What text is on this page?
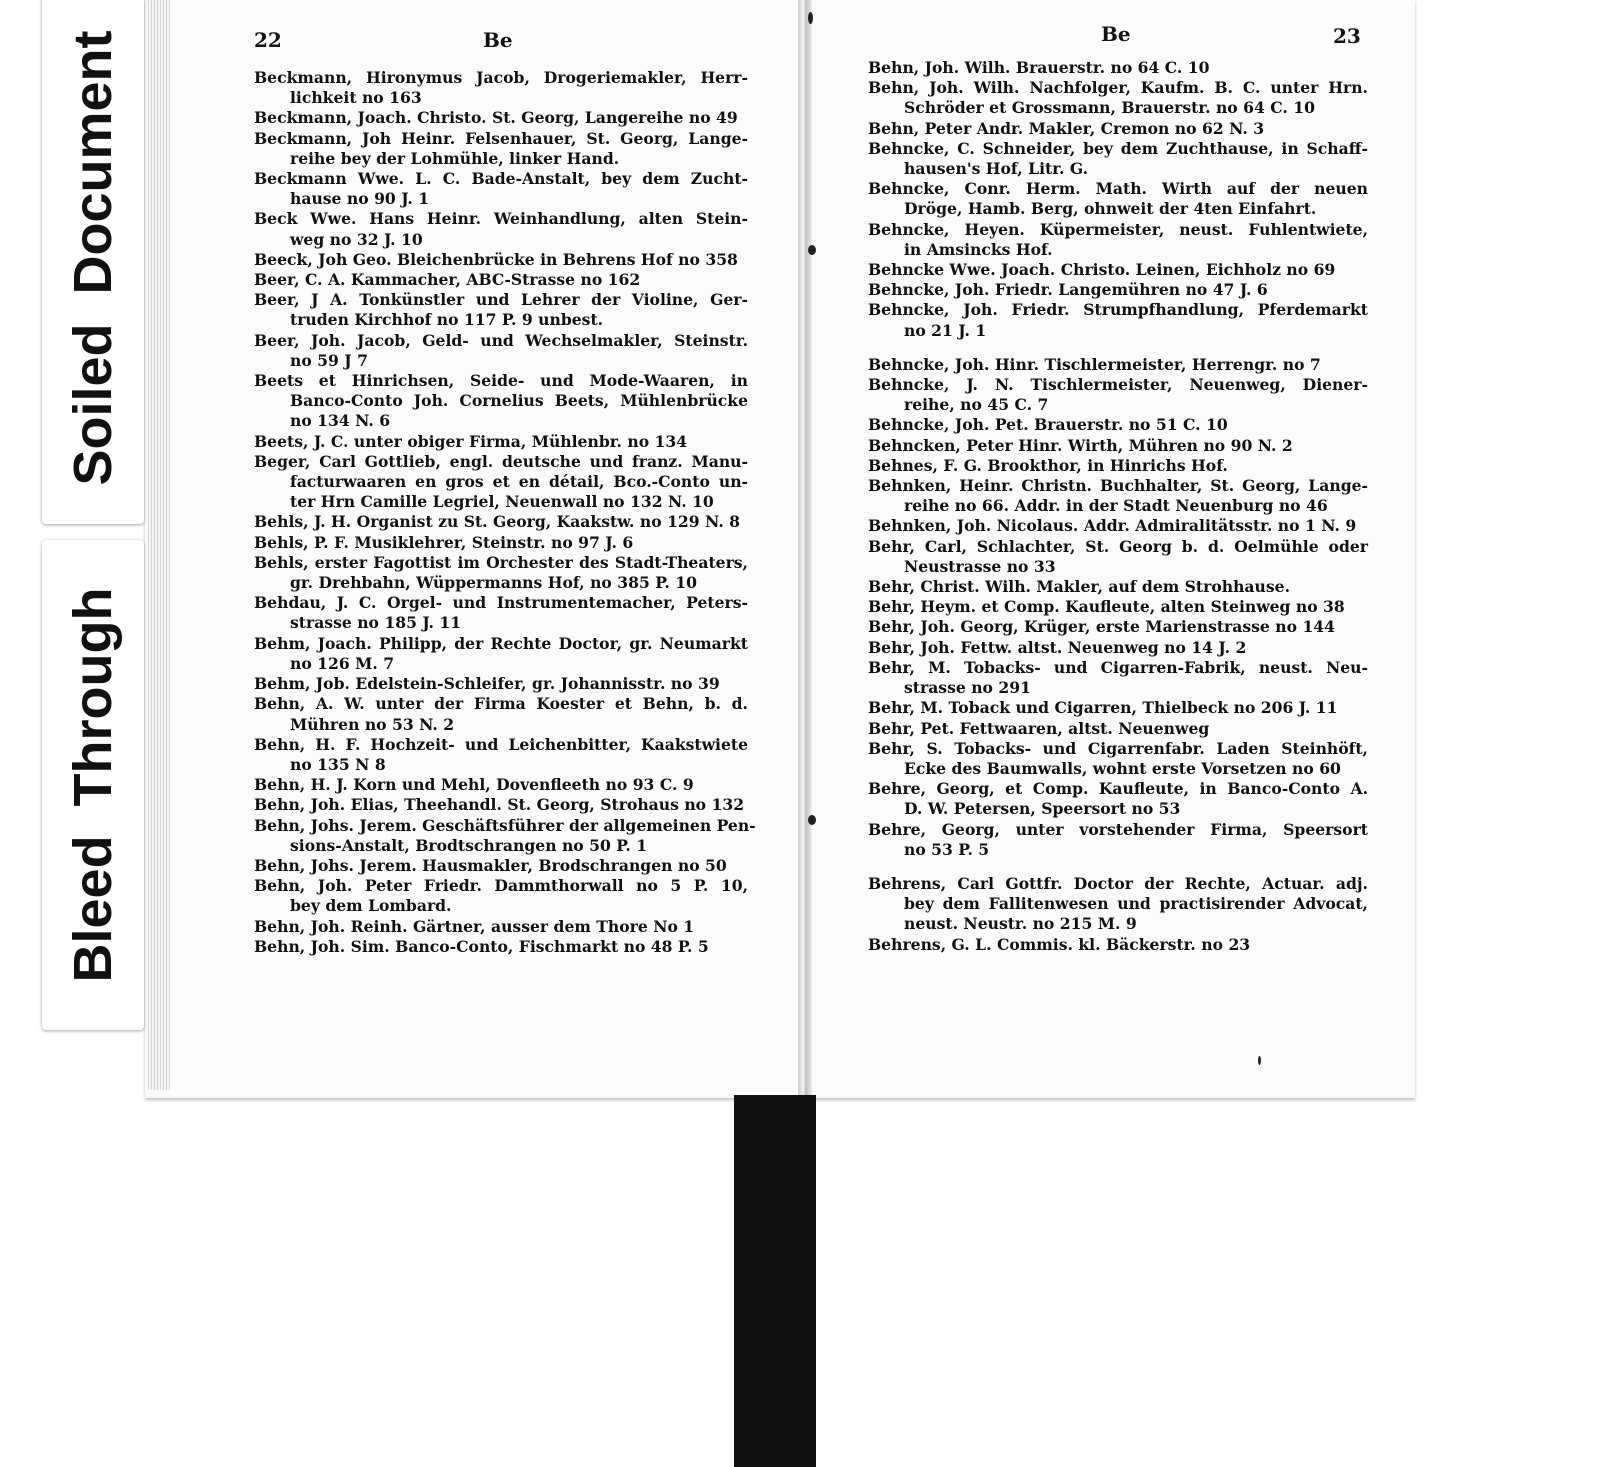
Soiled Document
Bleed Through
22	Be	Be	23
Beckmann, Hironymus Jacob, Drogeriemakler, Herr-
lichkeit no 163
Beckmann, Joach. Christo. St. Georg, Langereihe no 49
Beckmann, Joh Heinr. Felsenhauer, St. Georg, Lange-
reihe bey der Lohmühle, linker Hand.
Beckmann Wwe. L. C. Bade-Anstalt, bey dem Zucht-
hause no 90 J. 1
Beck Wwe. Hans Heinr. Weinhandlung, alten Stein-
weg no 32 J. 10
Beeck, Joh Geo. Bleichenbrücke in Behrens Hof no 358
Beer, C. A. Kammacher, ABC-Strasse no 162
Beer, J A. Tonkünstler und Lehrer der Violine, Ger-
truden Kirchhof no 117 P. 9 unbest.
Beer, Joh. Jacob, Geld- und Wechselmakler, Steinstr.
no 59 J 7
Beets et Hinrichsen, Seide- und Mode-Waaren, in
Banco-Conto Joh. Cornelius Beets, Mühlenbrücke
no 134 N. 6
Beets, J. C. unter obiger Firma, Mühlenbr. no 134
Beger, Carl Gottlieb, engl. deutsche und franz. Manu-
facturwaaren en gros et en détail, Bco.-Conto un-
ter Hrn Camille Legriel, Neuenwall no 132 N. 10
Behls, J. H. Organist zu St. Georg, Kaakstw. no 129 N. 8
Behls, P. F. Musiklehrer, Steinstr. no 97 J. 6
Behls, erster Fagottist im Orchester des Stadt-Theaters,
gr. Drehbahn, Wüppermanns Hof, no 385 P. 10
Behdau, J. C. Orgel- und Instrumentemacher, Peters-
strasse no 185 J. 11
Behm, Joach. Philipp, der Rechte Doctor, gr. Neumarkt
no 126 M. 7
Behm, Job. Edelstein-Schleifer, gr. Johannisstr. no 39
Behn, A. W. unter der Firma Koester et Behn, b. d.
Mühren no 53 N. 2
Behn, H. F. Hochzeit- und Leichenbitter, Kaakstwiete
no 135 N 8
Behn, H. J. Korn und Mehl, Dovenfleeth no 93 C. 9
Behn, Joh. Elias, Theehandl. St. Georg, Strohaus no 132
Behn, Johs. Jerem. Geschäftsführer der allgemeinen Pen-
sions-Anstalt, Brodtschrangen no 50 P. 1
Behn, Johs. Jerem. Hausmakler, Brodschrangen no 50
Behn, Joh. Peter Friedr. Dammthorwall no 5 P. 10,
bey dem Lombard.
Behn, Joh. Reinh. Gärtner, ausser dem Thore No 1
Behn, Joh. Sim. Banco-Conto, Fischmarkt no 48 P. 5
Behn, Joh. Wilh. Brauerstr. no 64 C. 10
Behn, Joh. Wilh. Nachfolger, Kaufm. B. C. unter Hrn.
Schröder et Grossmann, Brauerstr. no 64 C. 10
Behn, Peter Andr. Makler, Cremon no 62 N. 3
Behncke, C. Schneider, bey dem Zuchthause, in Schaff-
hausen's Hof, Litr. G.
Behncke, Conr. Herm. Math. Wirth auf der neuen
Dröge, Hamb. Berg, ohnweit der 4ten Einfahrt.
Behncke, Heyen. Küpermeister, neust. Fuhlentwiete,
in Amsincks Hof.
Behncke Wwe. Joach. Christo. Leinen, Eichholz no 69
Behncke, Joh. Friedr. Langemühren no 47 J. 6
Behncke, Joh. Friedr. Strumpfhandlung, Pferdemarkt
no 21 J. 1
Behncke, Joh. Hinr. Tischlermeister, Herrengr. no 7
Behncke, J. N. Tischlermeister, Neuenweg, Diener-
reihe, no 45 C. 7
Behncke, Joh. Pet. Brauerstr. no 51 C. 10
Behncken, Peter Hinr. Wirth, Mühren no 90 N. 2
Behnes, F. G. Brookthor, in Hinrichs Hof.
Behnken, Heinr. Christn. Buchhalter, St. Georg, Lange-
reihe no 66. Addr. in der Stadt Neuenburg no 46
Behnken, Joh. Nicolaus. Addr. Admiralitätsstr. no 1 N. 9
Behr, Carl, Schlachter, St. Georg b. d. Oelmühle oder
Neustrasse no 33
Behr, Christ. Wilh. Makler, auf dem Strohhause.
Behr, Heym. et Comp. Kaufleute, alten Steinweg no 38
Behr, Joh. Georg, Krüger, erste Marienstrasse no 144
Behr, Joh. Fettw. altst. Neuenweg no 14 J. 2
Behr, M. Tobacks- und Cigarren-Fabrik, neust. Neu-
strasse no 291
Behr, M. Toback und Cigarren, Thielbeck no 206 J. 11
Behr, Pet. Fettwaaren, altst. Neuenweg
Behr, S. Tobacks- und Cigarrenfabr. Laden Steinhöft,
Ecke des Baumwalls, wohnt erste Vorsetzen no 60
Behre, Georg, et Comp. Kaufleute, in Banco-Conto A.
D. W. Petersen, Speersort no 53
Behre, Georg, unter vorstehender Firma, Speersort
no 53 P. 5
Behrens, Carl Gottfr. Doctor der Rechte, Actuar. adj.
bey dem Fallitenwesen und practisirender Advocat,
neust. Neustr. no 215 M. 9
Behrens, G. L. Commis. kl. Bäckerstr. no 23
